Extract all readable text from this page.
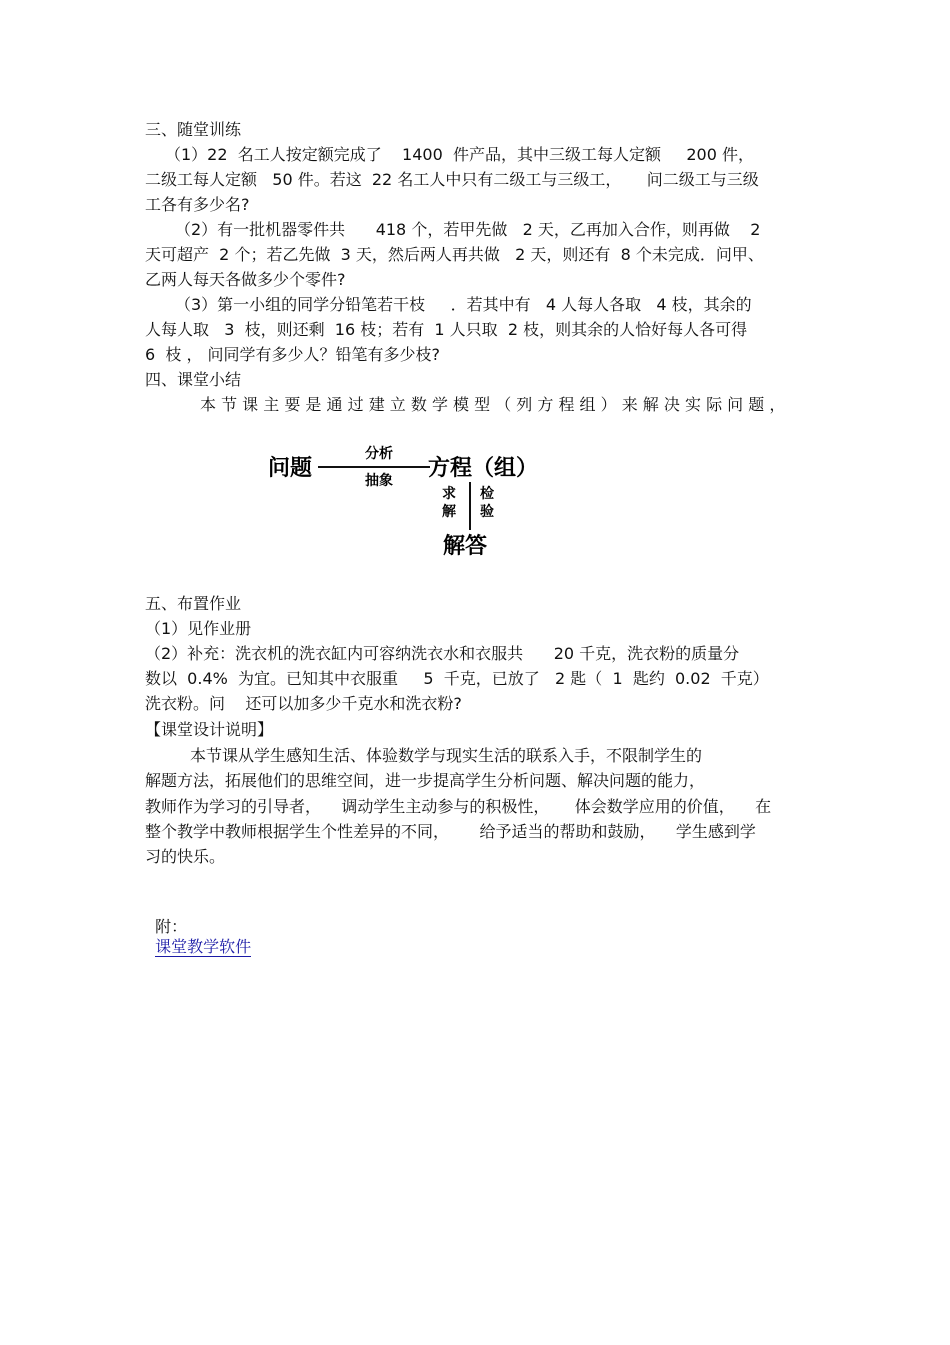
三、随堂训练
（1）22  名工人按定额完成了    1400  件产品，其中三级工每人定额     200 件，
二级工每人定额   50 件。若这  22 名工人中只有二级工与三级工，     问二级工与三级
工各有多少名?
（2）有一批机器零件共      418 个，若甲先做   2 天，乙再加入合作，则再做    2
天可超产  2 个；若乙先做  3 天，然后两人再共做   2 天，则还有  8 个未完成．问甲、
乙两人每天各做多少个零件?
（3）第一小组的同学分铅笔若干枝     ．若其中有   4 人每人各取   4 枝，其余的
人每人取   3  枝，则还剩  16 枝；若有  1 人只取  2 枝，则其余的人恰好每人各可得
6  枝 ， 问同学有多少人？铅笔有多少枝?
四、课堂小结
本 节 课 主 要 是 通 过 建 立 数 学 模 型 （ 列 方 程 组 ） 来 解 决 实 际 问 题 ，
问题
分析
抽象 方程（组）
求
解
检
验
解答
五、布置作业
（1）见作业册
（2）补充：洗衣机的洗衣缸内可容纳洗衣水和衣服共      20 千克，洗衣粉的质量分
数以  0.4%  为宜。已知其中衣服重     5  千克，已放了   2 匙（  1  匙约  0.02  千克）
洗衣粉。问    还可以加多少千克水和洗衣粉?
【课堂设计说明】
本节课从学生感知生活、体验数学与现实生活的联系入手，不限制学生的
解题方法，拓展他们的思维空间，进一步提高学生分析问题、解决问题的能力，
教师作为学习的引导者，    调动学生主动参与的积极性，     体会数学应用的价值，    在
整个教学中教师根据学生个性差异的不同，      给予适当的帮助和鼓励，    学生感到学
习的快乐。

附：
课堂教学软件
